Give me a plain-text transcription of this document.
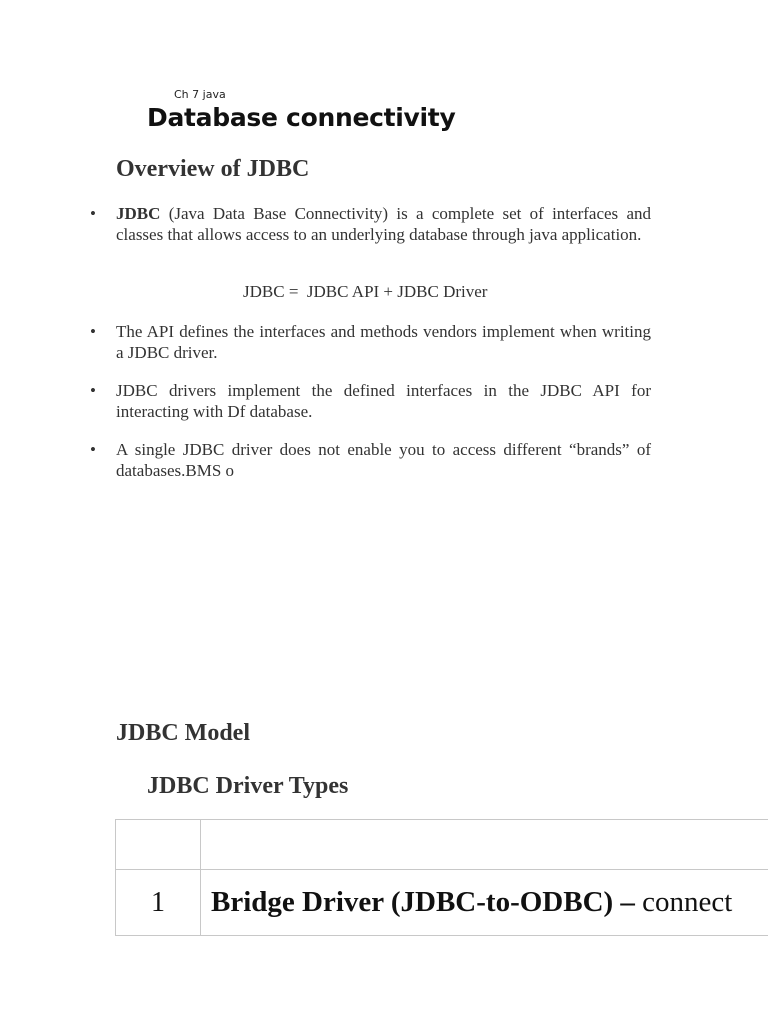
Ch 7 java
Database connectivity
Overview of JDBC
• JDBC (Java Data Base Connectivity) is a complete set of interfaces and classes that allows access to an underlying database through java application.
JDBC =  JDBC API + JDBC Driver
• The API defines the interfaces and methods vendors implement when writing a JDBC driver.
• JDBC drivers implement the defined interfaces in the JDBC API for interacting with Df database.
• A single JDBC driver does not enable you to access different “brands” of databases.BMS o
JDBC Model
JDBC Driver Types

1	Bridge Driver (JDBC-to-ODBC) – connect
